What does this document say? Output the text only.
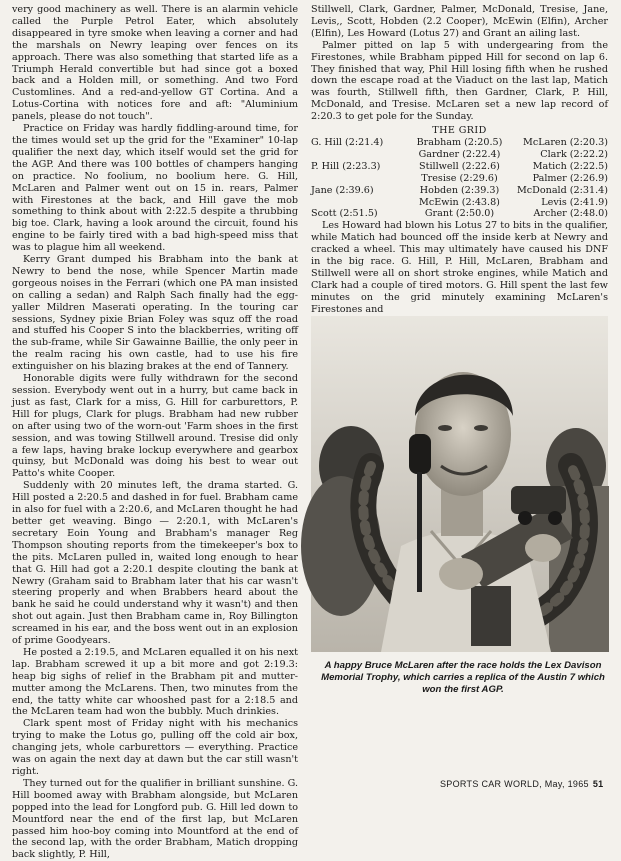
very good machinery as well. There is an alarmin vehicle called the Purple Petrol Eater, which absolutely disappeared in tyre smoke when leaving a corner and had the marshals on Newry leaping over fences on its approach. There was also something that started life as a Triumph Herald convertible but had since got a boxed back and a Holden mill, or something. And two Ford Customlines. And a red-and-yellow GT Cortina. And a Lotus-Cortina with notices fore and aft: "Aluminium panels, please do not touch".

Practice on Friday was hardly fiddling-around time, for the times would set up the grid for the "Examiner" 10-lap qualifier the next day, which itself would set the grid for the AGP. And there was 100 bottles of champers hanging on practice. No foolium, no boolium here. G. Hill, McLaren and Palmer went out on 15 in. rears, Palmer with Firestones at the back, and Hill gave the mob something to think about with 2:22.5 despite a thrubbing big toe. Clark, having a look around the circuit, found his engine to be fairly tired with a bad high-speed miss that was to plague him all weekend.

Kerry Grant dumped his Brabham into the bank at Newry to bend the nose, while Spencer Martin made gorgeous noises in the Ferrari (which one PA man insisted on calling a sedan) and Ralph Sach finally had the egg-yaller Mildren Maserati operating. In the touring car sessions, Sydney pixie Brian Foley was squz off the road and stuffed his Cooper S into the blackberries, writing off the sub-frame, while Sir Gawainne Baillie, the only peer in the realm racing his own castle, had to use his fire extinguisher on his blazing brakes at the end of Tannery.

Honorable digits were fully withdrawn for the second session. Everybody went out in a hurry, but came back in just as fast, Clark for a miss, G. Hill for carburettors, P. Hill for plugs, Clark for plugs. Brabham had new rubber on after using two of the worn-out 'Farm shoes in the first session, and was towing Stillwell around. Tresise did only a few laps, having brake lockup everywhere and gearbox quinsy, but McDonald was doing his best to wear out Patto's white Cooper.

Suddenly with 20 minutes left, the drama started. G. Hill posted a 2:20.5 and dashed in for fuel. Brabham came in also for fuel with a 2:20.6, and McLaren thought he had better get weaving. Bingo — 2:20.1, with McLaren's secretary Eoin Young and Brabham's manager Reg Thompson shouting reports from the timekeeper's box to the pits. McLaren pulled in, waited long enough to hear that G. Hill had got a 2:20.1 despite clouting the bank at Newry (Graham said to Brabham later that his car wasn't steering properly and when Brabbers heard about the bank he said he could understand why it wasn't) and then shot out again. Just then Brabham came in, Roy Billington screamed in his ear, and the boss went out in an explosion of prime Goodyears.

He posted a 2:19.5, and McLaren equalled it on his next lap. Brabham screwed it up a bit more and got 2:19.3: heap big sighs of relief in the Brabham pit and mutter-mutter among the McLarens. Then, two minutes from the end, the tatty white car whooshed past for a 2:18.5 and the McLaren team had won the bubbly. Much drinkies.

Clark spent most of Friday night with his mechanics trying to make the Lotus go, pulling off the cold air box, changing jets, whole carburettors — everything. Practice was on again the next day at dawn but the car still wasn't right.

They turned out for the qualifier in brilliant sunshine. G. Hill boomed away with Brabham alongside, but McLaren popped into the lead for Longford pub. G. Hill led down to Mountford near the end of the first lap, but McLaren passed him hoo-boy coming into Mountford at the end of the second lap, with the order Brabham, Matich dropping back slightly, P. Hill,

Stillwell, Clark, Gardner, Palmer, McDonald, Tresise, Jane, Levis,, Scott, Hobden (2.2 Cooper), McEwin (Elfin), Archer (Elfin), Les Howard (Lotus 27) and Grant an ailing last.

Palmer pitted on lap 5 with undergearing from the Firestones, while Brabham pipped Hill for second on lap 6. They finished that way, Phil Hill losing fifth when he rushed down the escape road at the Viaduct on the last lap, Matich was fourth, Stillwell fifth, then Gardner, Clark, P. Hill, McDonald, and Tresise. McLaren set a new lap record of 2:20.3 to get pole for the Sunday.

THE GRID
G. Hill (2:21.4)	Brabham (2:20.5)	McLaren (2:20.3)
	Gardner (2:22.4)	Clark (2:22.2)
P. Hill (2:23.3)	Stillwell (2:22.6)	Matich (2:22.5)
	Tresise (2:29.6)	Palmer (2:26.9)
Jane (2:39.6)	Hobden (2:39.3)	McDonald (2:31.4)
	McEwin (2:43.8)	Levis (2:41.9)
Scott (2:51.5)	Grant (2:50.0)	Archer (2:48.0)

Les Howard had blown his Lotus 27 to bits in the qualifier, while Matich had bounced off the inside kerb at Newry and cracked a wheel. This may ultimately have caused his DNF in the big race. G. Hill, P. Hill, McLaren, Brabham and Stillwell were all on short stroke engines, while Matich and Clark had a couple of tired motors. G. Hill spent the last few minutes on the grid minutely examining McLaren's Firestones and

A happy Bruce McLaren after the race holds the Lex Davison Memorial Trophy, which carries a replica of the Austin 7 which won the first AGP.
SPORTS CAR WORLD, May, 1965 51
